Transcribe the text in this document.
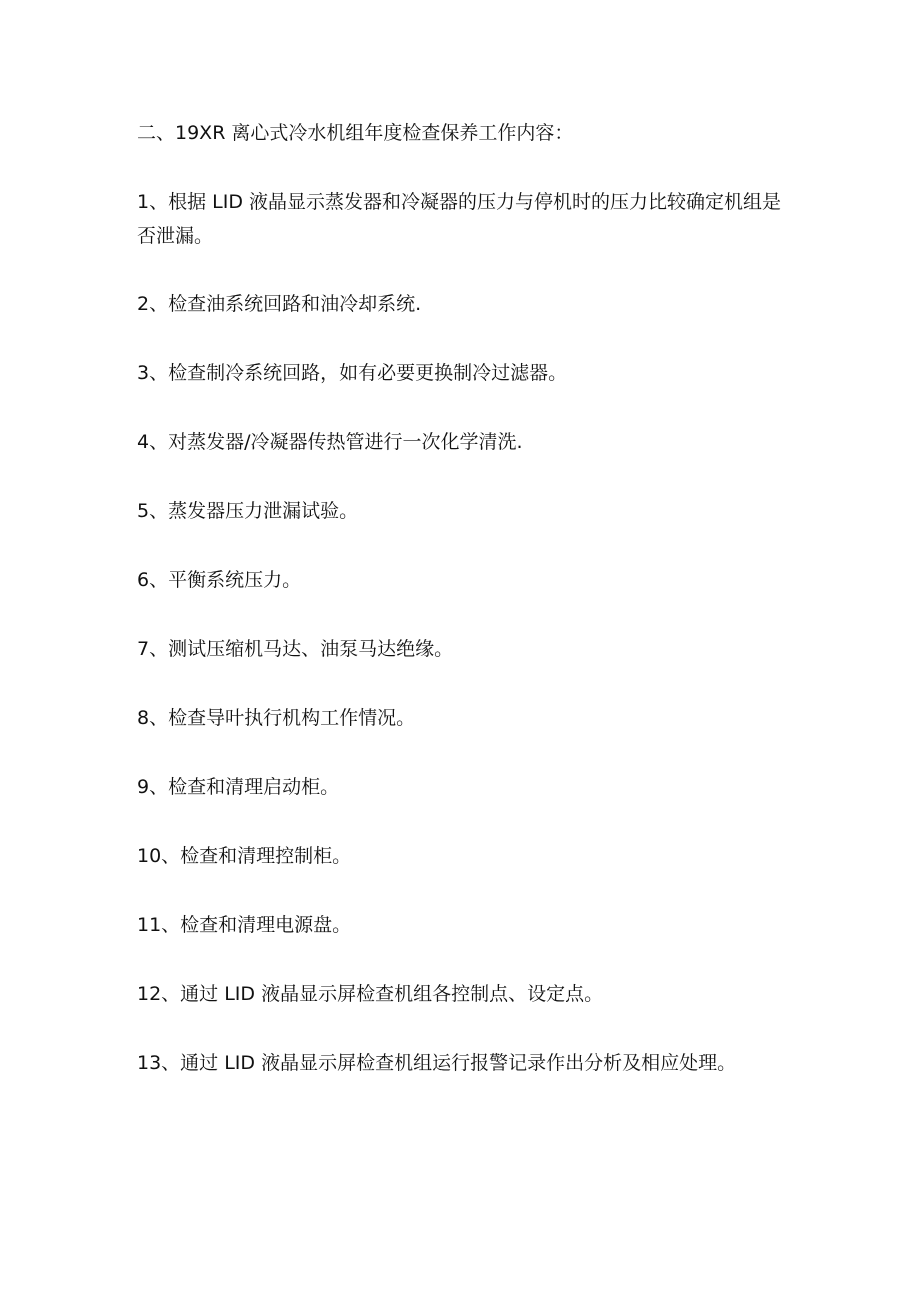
二、19XR 离心式冷水机组年度检查保养工作内容：

1、根据 LID 液晶显示蒸发器和冷凝器的压力与停机时的压力比较确定机组是否泄漏。

2、检查油系统回路和油冷却系统.

3、检查制冷系统回路，如有必要更换制冷过滤器。

4、对蒸发器/冷凝器传热管进行一次化学清洗.

5、蒸发器压力泄漏试验。

6、平衡系统压力。

7、测试压缩机马达、油泵马达绝缘。

8、检查导叶执行机构工作情况。

9、检查和清理启动柜。

10、检查和清理控制柜。

11、检查和清理电源盘。

12、通过 LID 液晶显示屏检查机组各控制点、设定点。

13、通过 LID 液晶显示屏检查机组运行报警记录作出分析及相应处理。
